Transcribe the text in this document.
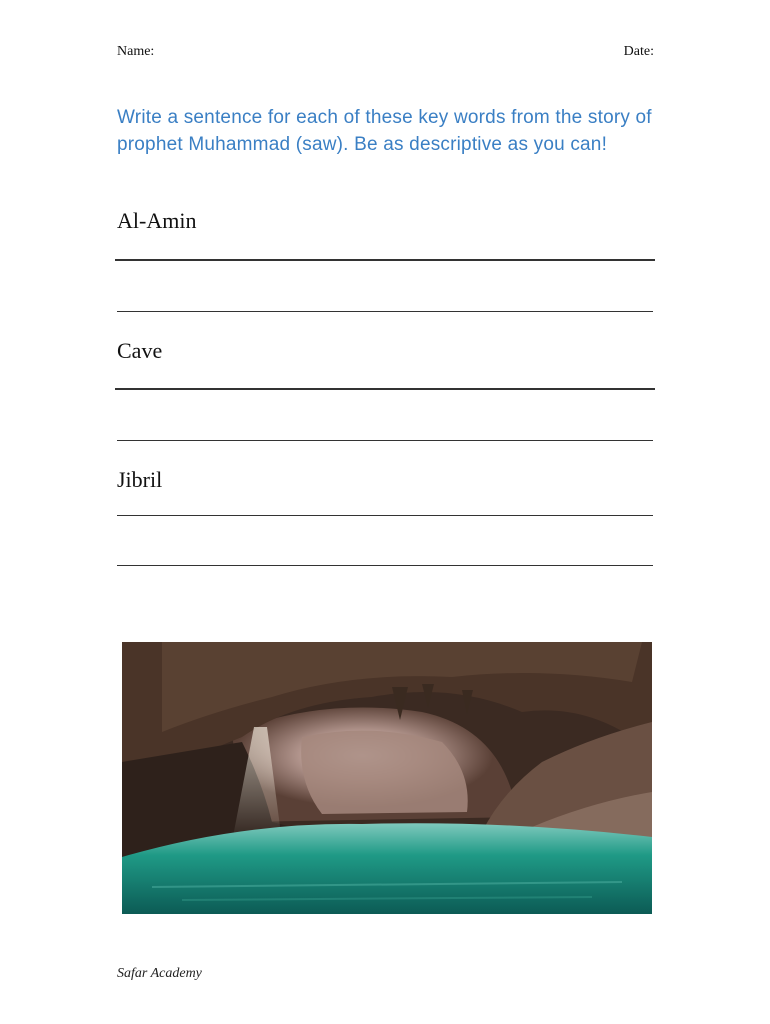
Name:	Date:
Write a sentence for each of these key words from the story of prophet Muhammad (saw). Be as descriptive as you can!
Al-Amin
Cave
Jibril
Safar Academy
